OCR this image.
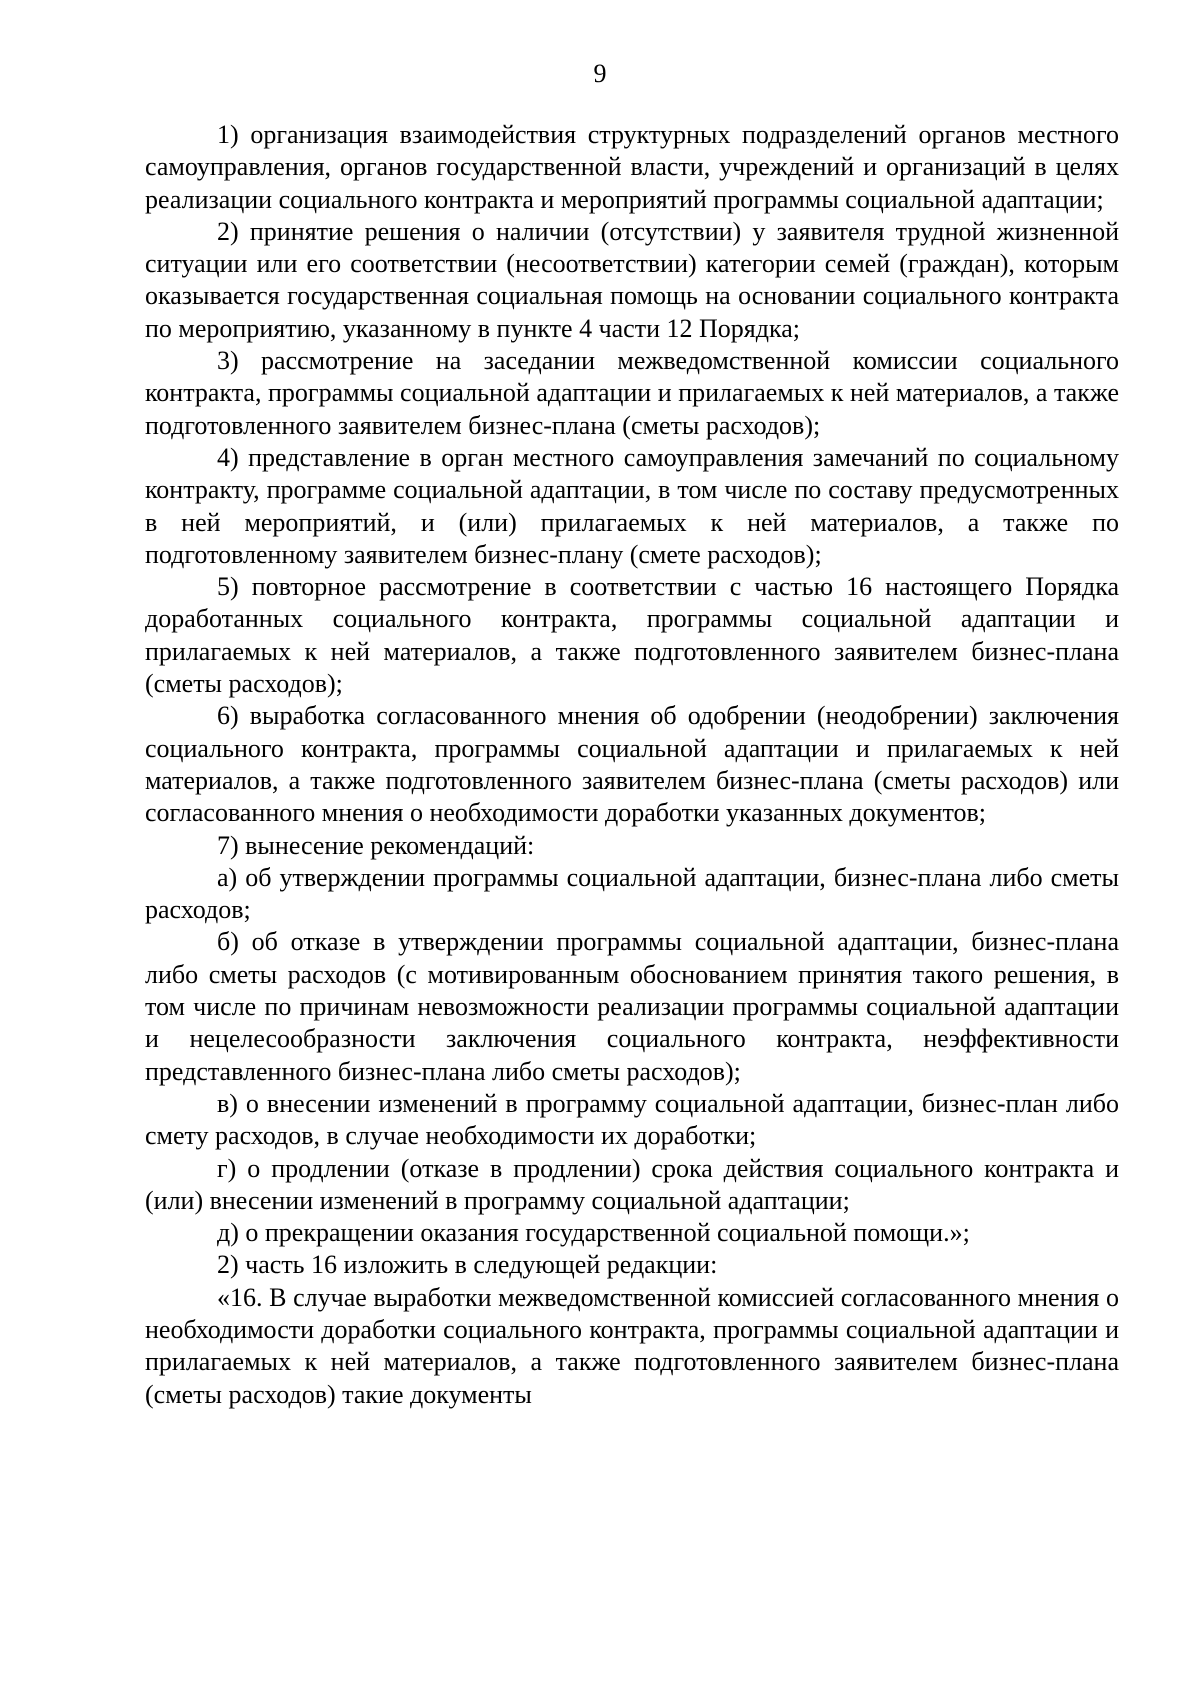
9

1) организация взаимодействия структурных подразделений органов местного самоуправления, органов государственной власти, учреждений и организаций в целях реализации социального контракта и мероприятий программы социальной адаптации;

2) принятие решения о наличии (отсутствии) у заявителя трудной жизненной ситуации или его соответствии (несоответствии) категории семей (граждан), которым оказывается государственная социальная помощь на основании социального контракта по мероприятию, указанному в пункте 4 части 12 Порядка;

3) рассмотрение на заседании межведомственной комиссии социального контракта, программы социальной адаптации и прилагаемых к ней материалов, а также подготовленного заявителем бизнес-плана (сметы расходов);

4) представление в орган местного самоуправления замечаний по социальному контракту, программе социальной адаптации, в том числе по составу предусмотренных в ней мероприятий, и (или) прилагаемых к ней материалов, а также по подготовленному заявителем бизнес-плану (смете расходов);

5) повторное рассмотрение в соответствии с частью 16 настоящего Порядка доработанных социального контракта, программы социальной адаптации и прилагаемых к ней материалов, а также подготовленного заявителем бизнес-плана (сметы расходов);

6) выработка согласованного мнения об одобрении (неодобрении) заключения социального контракта, программы социальной адаптации и прилагаемых к ней материалов, а также подготовленного заявителем бизнес-плана (сметы расходов) или согласованного мнения о необходимости доработки указанных документов;

7) вынесение рекомендаций:

а) об утверждении программы социальной адаптации, бизнес-плана либо сметы расходов;

б) об отказе в утверждении программы социальной адаптации, бизнес-плана либо сметы расходов (с мотивированным обоснованием принятия такого решения, в том числе по причинам невозможности реализации программы социальной адаптации и нецелесообразности заключения социального контракта, неэффективности представленного бизнес-плана либо сметы расходов);

в) о внесении изменений в программу социальной адаптации, бизнес-план либо смету расходов, в случае необходимости их доработки;

г) о продлении (отказе в продлении) срока действия социального контракта и (или) внесении изменений в программу социальной адаптации;

д) о прекращении оказания государственной социальной помощи.»;

2) часть 16 изложить в следующей редакции:

«16. В случае выработки межведомственной комиссией согласованного мнения о необходимости доработки социального контракта, программы социальной адаптации и прилагаемых к ней материалов, а также подготовленного заявителем бизнес-плана (сметы расходов) такие документы
